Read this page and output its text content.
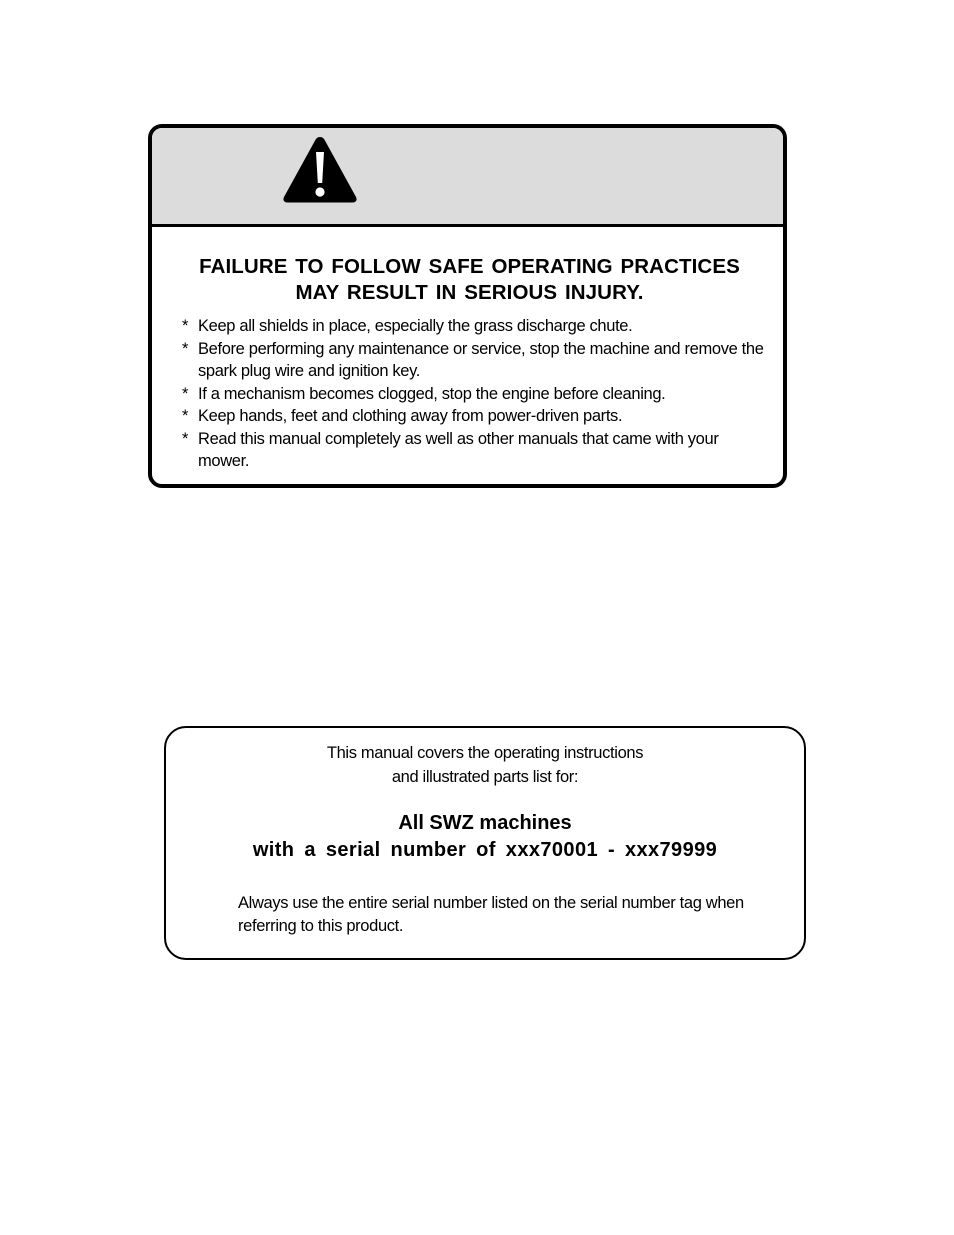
FAILURE TO FOLLOW SAFE OPERATING PRACTICES MAY RESULT IN SERIOUS INJURY.

* Keep all shields in place, especially the grass discharge chute.
* Before performing any maintenance or service, stop the machine and remove the spark plug wire and ignition key.
* If a mechanism becomes clogged, stop the engine before cleaning.
* Keep hands, feet and clothing away from power-driven parts.
* Read this manual completely as well as other manuals that came with your mower.

This manual covers the operating instructions
and illustrated parts list for:

All SWZ machines
with a serial number of xxx70001 - xxx79999

Always use the entire serial number listed on the serial number tag when referring to this product.
